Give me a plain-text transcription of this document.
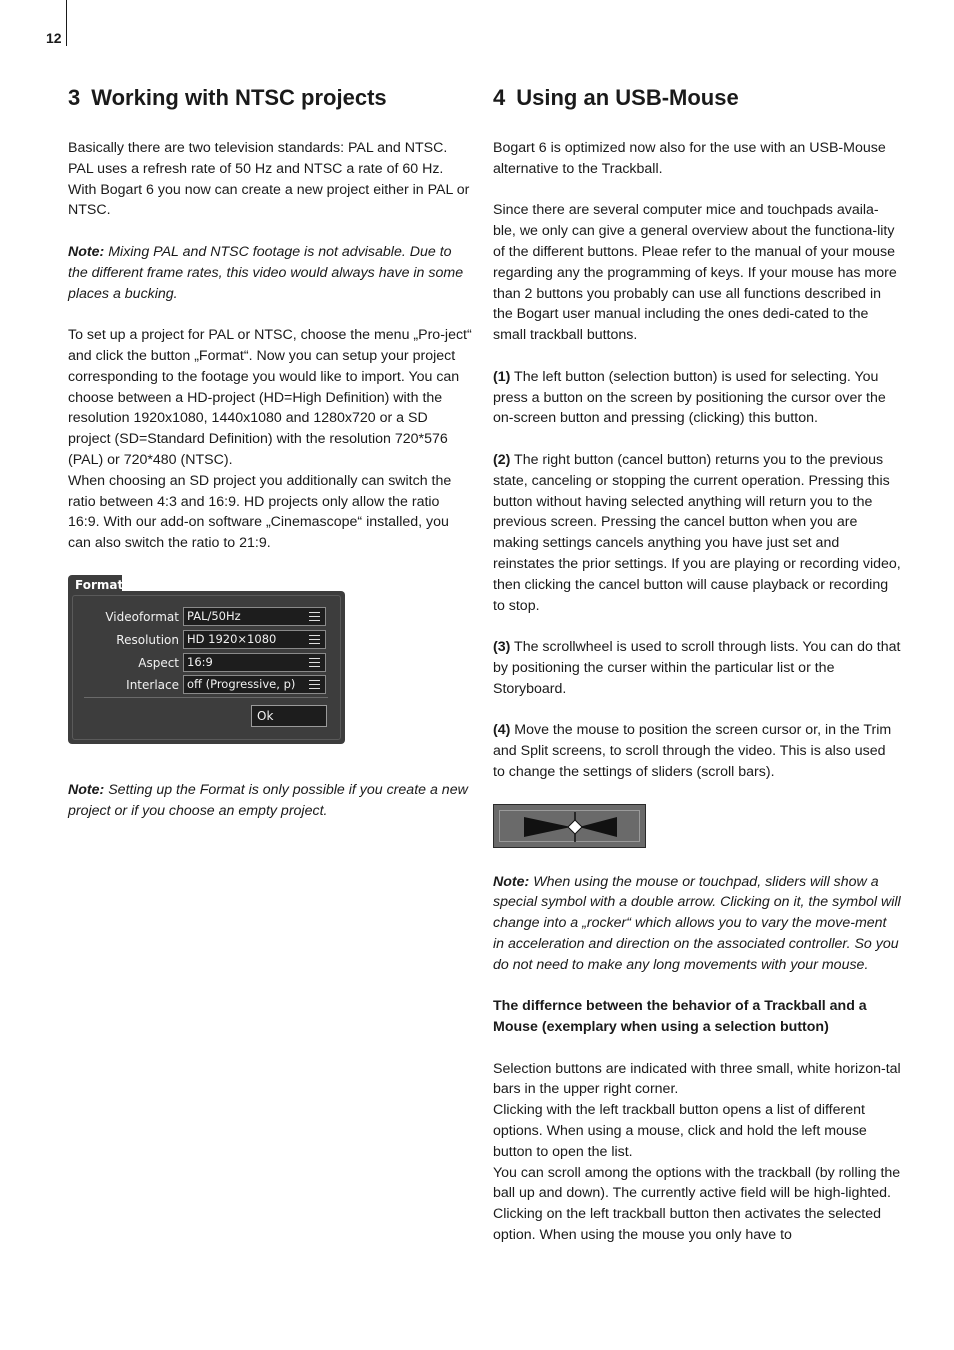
12
3 Working with NTSC projects

Basically there are two television standards: PAL and NTSC. PAL uses a refresh rate of 50 Hz and NTSC a rate of 60 Hz. With Bogart 6 you now can create a new project either in PAL or NTSC.

Note: Mixing PAL and NTSC footage is not advisable. Due to the different frame rates, this video would always have in some places a bucking.

To set up a project for PAL or NTSC, choose the menu „Pro-ject“ and click the button „Format“. Now you can setup your project corresponding to the footage you would like to import. You can choose between a HD-project (HD=High Definition) with the resolution 1920x1080, 1440x1080 and 1280x720 or a SD project (SD=Standard Definition) with the resolution 720*576 (PAL) or 720*480 (NTSC).

When choosing an SD project you additionally can switch the ratio between 4:3 and 16:9. HD projects only allow the ratio 16:9. With our add-on software „Cinemascope“ installed, you can also switch the ratio to 21:9.

Format
Videoformat PAL/50Hz
Resolution HD 1920×1080
Aspect 16:9
Interlace off (Progressive, p)
Ok

Note: Setting up the Format is only possible if you create a new project or if you choose an empty project.

4 Using an USB-Mouse

Bogart 6 is optimized now also for the use with an USB-Mouse alternative to the Trackball.

Since there are several computer mice and touchpads availa-ble, we only can give a general overview about the functiona-lity of the different buttons. Pleae refer to the manual of your mouse regarding any the programming of keys. If your mouse has more than 2 buttons you probably can use all functions described in the Bogart user manual including the ones dedi-cated to the small trackball buttons.

(1) The left button (selection button) is used for selecting. You press a button on the screen by positioning the cursor over the on-screen button and pressing (clicking) this button.

(2) The right button (cancel button) returns you to the previous state, canceling or stopping the current operation. Pressing this button without having selected anything will return you to the previous screen. Pressing the cancel button when you are making settings cancels anything you have just set and reinstates the prior settings. If you are playing or recording video, then clicking the cancel button will cause playback or recording to stop.

(3) The scrollwheel is used to scroll through lists. You can do that by positioning the curser within the particular list or the Storyboard.

(4) Move the mouse to position the screen cursor or, in the Trim and Split screens, to scroll through the video. This is also used to change the settings of sliders (scroll bars).

Note: When using the mouse or touchpad, sliders will show a special symbol with a double arrow. Clicking on it, the symbol will change into a „rocker“ which allows you to vary the move-ment in acceleration and direction on the associated controller. So you do not need to make any long movements with your mouse.

The differnce between the behavior of a Trackball and a Mouse (exemplary when using a selection button)

Selection buttons are indicated with three small, white horizon-tal bars in the upper right corner.

Clicking with the left trackball button opens a list of different options. When using a mouse, click and hold the left mouse button to open the list.

You can scroll among the options with the trackball (by rolling the ball up and down). The currently active field will be high-lighted. Clicking on the left trackball button then activates the selected option. When using the mouse you only have to
